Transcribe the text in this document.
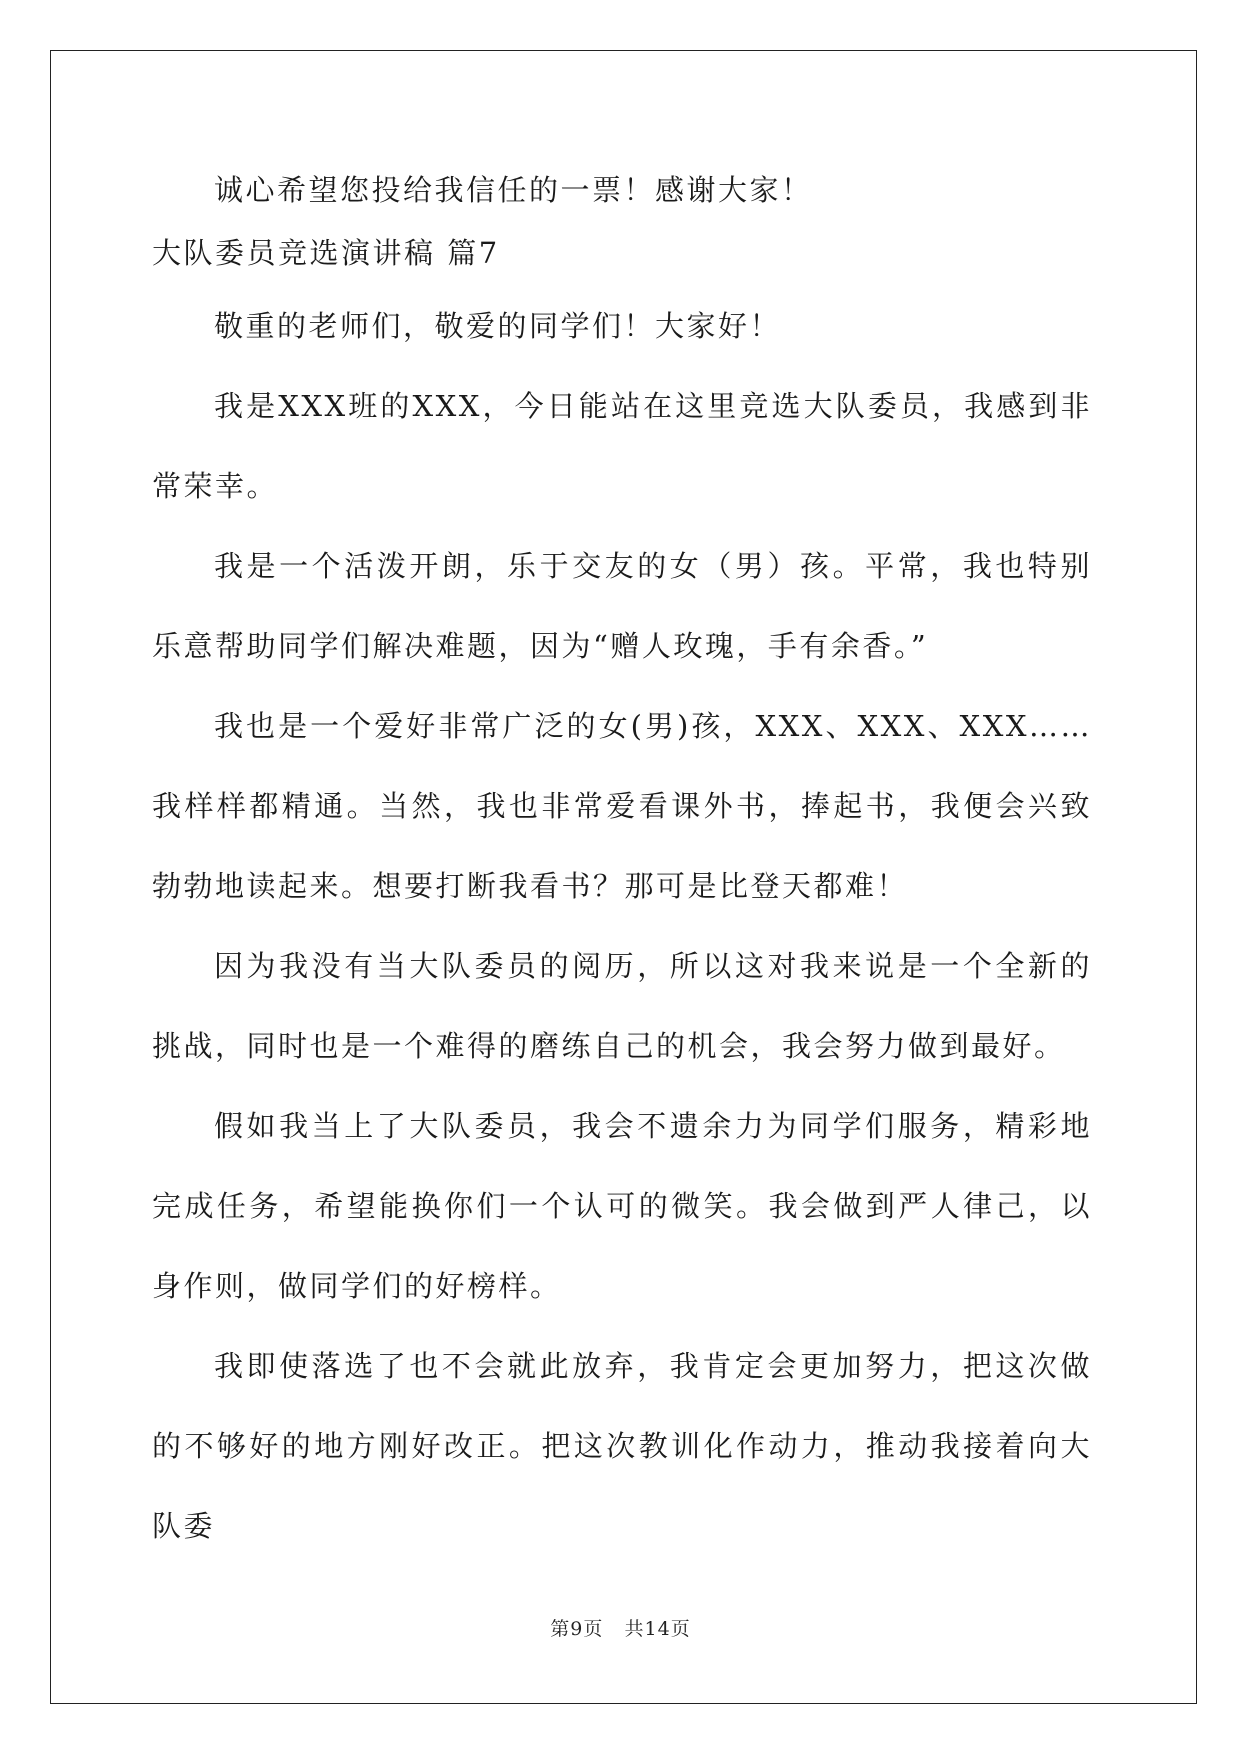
诚心希望您投给我信任的一票！感谢大家！

大队委员竞选演讲稿 篇7

敬重的老师们，敬爱的同学们！大家好！

我是XXX班的XXX，今日能站在这里竞选大队委员，我感到非常荣幸。

我是一个活泼开朗，乐于交友的女（男）孩。平常，我也特别乐意帮助同学们解决难题，因为“赠人玫瑰，手有余香。”

我也是一个爱好非常广泛的女(男)孩，XXX、XXX、XXX……我样样都精通。当然，我也非常爱看课外书，捧起书，我便会兴致勃勃地读起来。想要打断我看书？那可是比登天都难！

因为我没有当大队委员的阅历，所以这对我来说是一个全新的挑战，同时也是一个难得的磨练自己的机会，我会努力做到最好。

假如我当上了大队委员，我会不遗余力为同学们服务，精彩地完成任务，希望能换你们一个认可的微笑。我会做到严人律己，以身作则，做同学们的好榜样。

我即使落选了也不会就此放弃，我肯定会更加努力，把这次做的不够好的地方刚好改正。把这次教训化作动力，推动我接着向大队委

第9页 共14页
